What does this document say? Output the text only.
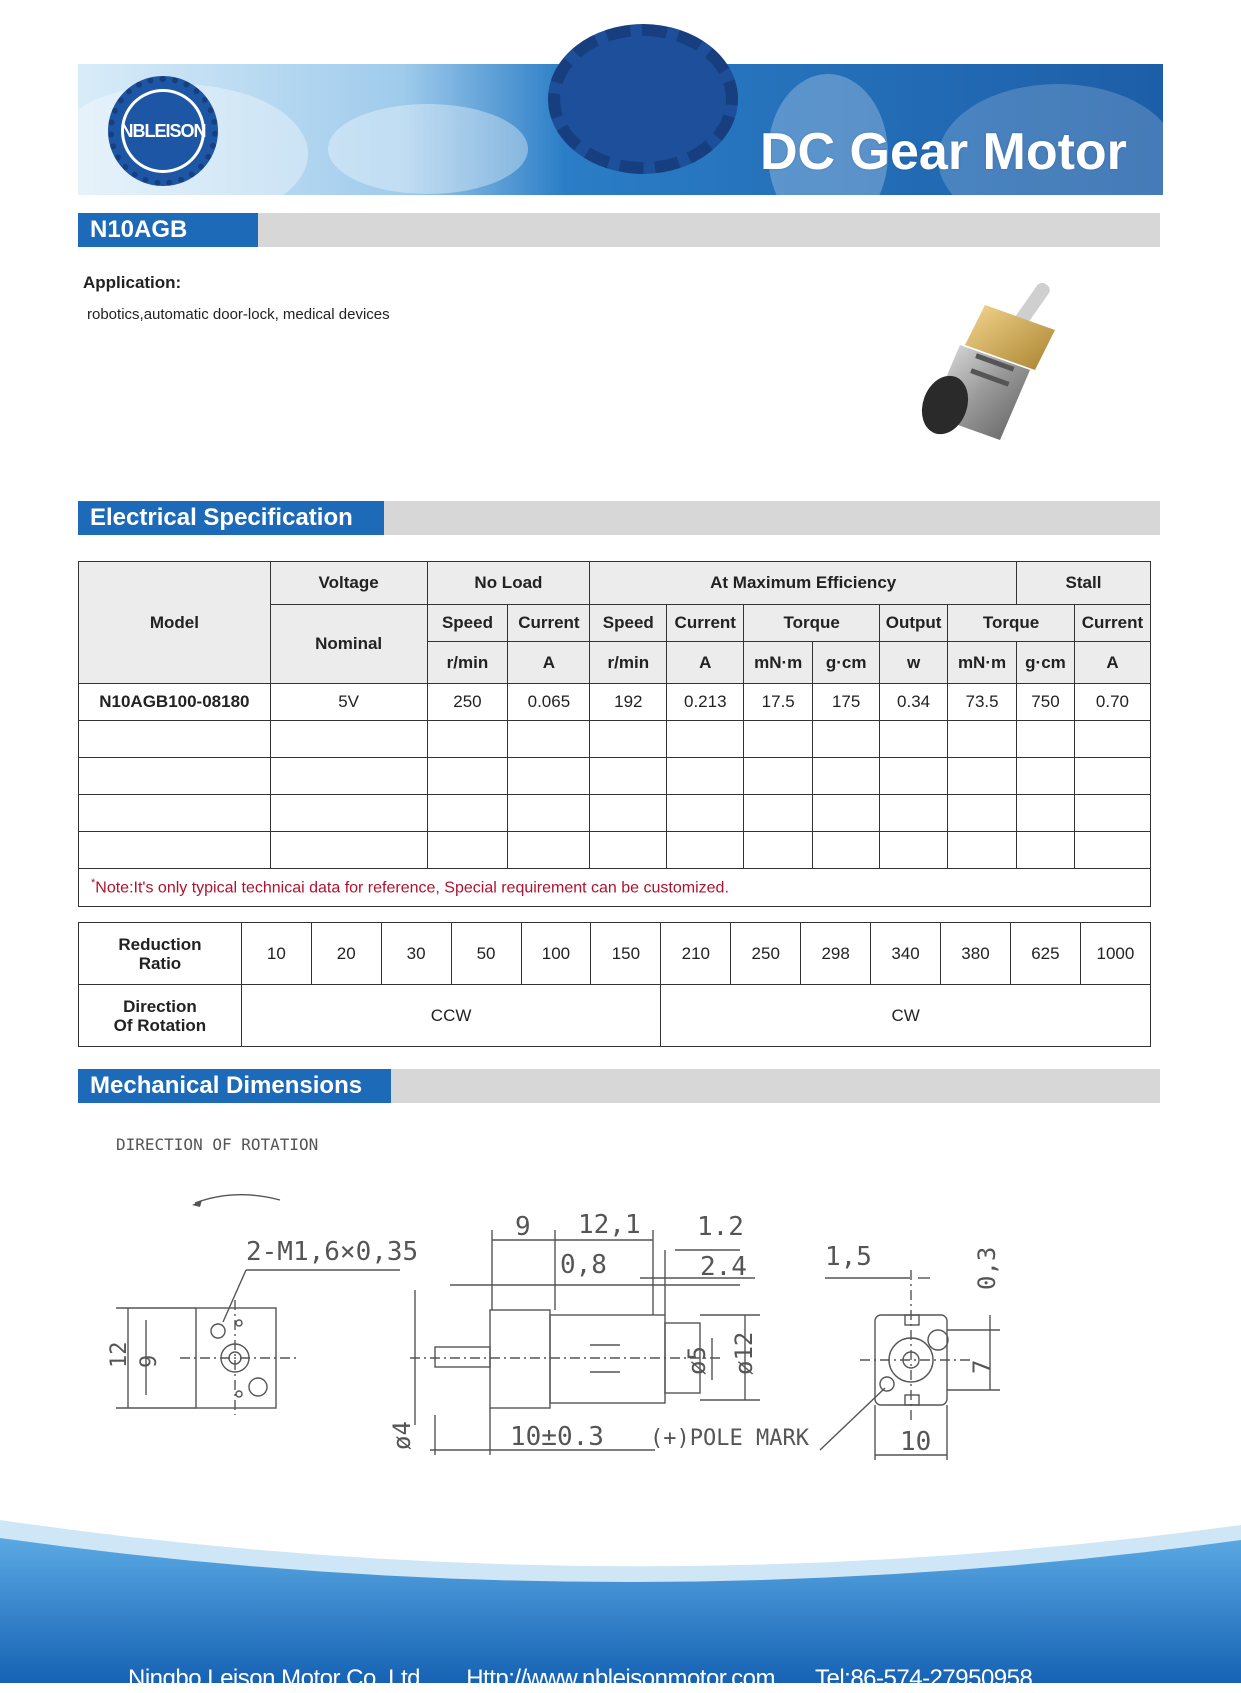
NBLEISON	DC Gear Motor
N10AGB
Application:
robotics,automatic door-lock, medical devices
Electrical Specification
Model	Voltage	No Load		At Maximum Efficiency						Stall	
	Nominal	Speed	Current	Speed	Current	Torque		Output	Torque		Current
		r/min	A	r/min	A	mN·m	g·cm	w	mN·m	g·cm	A
N10AGB100-08180	5V	250	0.065	192	0.213	17.5	175	0.34	73.5	750	0.70

*Note:It's only typical technicai data for reference, Special requirement can be customized.											
Reduction
Ratio	10	20	30	50	100	150	210	250	298	340	380	625	1000
Direction
Of Rotation	CCW						CW						
Mechanical Dimensions
DIRECTION OF ROTATION
12 9
2-M1,6×0,35
9 12,1 1.2
0,8	2.4
ø5 ø12
ø4	10±0.3 (+)POLE MARK
1,5	0,3
7
10
Ningbo Leison Motor Co.,Ltd. Http://www.nbleisonmotor.com Tel:86-574-27950958
